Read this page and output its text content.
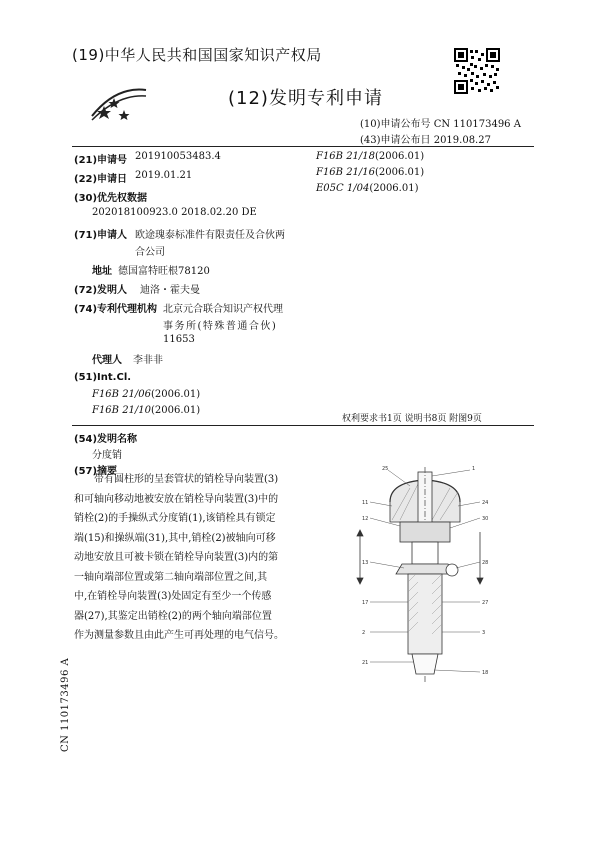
(19)中华人民共和国国家知识产权局
(12)发明专利申请
(10)申请公布号 CN 110173496 A
(43)申请公布日 2019.08.27
(21)申请号 201910053483.4
(22)申请日 2019.01.21
(30)优先权数据
202018100923.0 2018.02.20 DE
(71)申请人 欧途瑰泰标准件有限责任及合伙两
合公司
地址 德国富特旺根78120
(72)发明人 迪洛・霍夫曼
(74)专利代理机构 北京元合联合知识产权代理
事务所(特殊普通合伙)
11653
代理人 李非非
(51)Int.Cl.
F16B 21/06(2006.01)
F16B 21/10(2006.01)
F16B 21/18(2006.01)
F16B 21/16(2006.01)
E05C 1/04(2006.01)
权利要求书1页 说明书8页 附图9页
(54)发明名称
分度销
(57)摘要
带有圆柱形的呈套管状的销栓导向装置(3)
和可轴向移动地被安放在销栓导向装置(3)中的
销栓(2)的手操纵式分度销(1),该销栓具有锁定
端(15)和操纵端(31),其中,销栓(2)被轴向可移
动地安放且可被卡锁在销栓导向装置(3)内的第
一轴向端部位置或第二轴向端部位置之间,其
中,在销栓导向装置(3)处固定有至少一个传感
器(27),其鉴定出销栓(2)的两个轴向端部位置
作为测量参数且由此产生可再处理的电气信号。
CN 110173496 A
25	1
11	24
12	30
13	28
17	27
2	3
21
18
